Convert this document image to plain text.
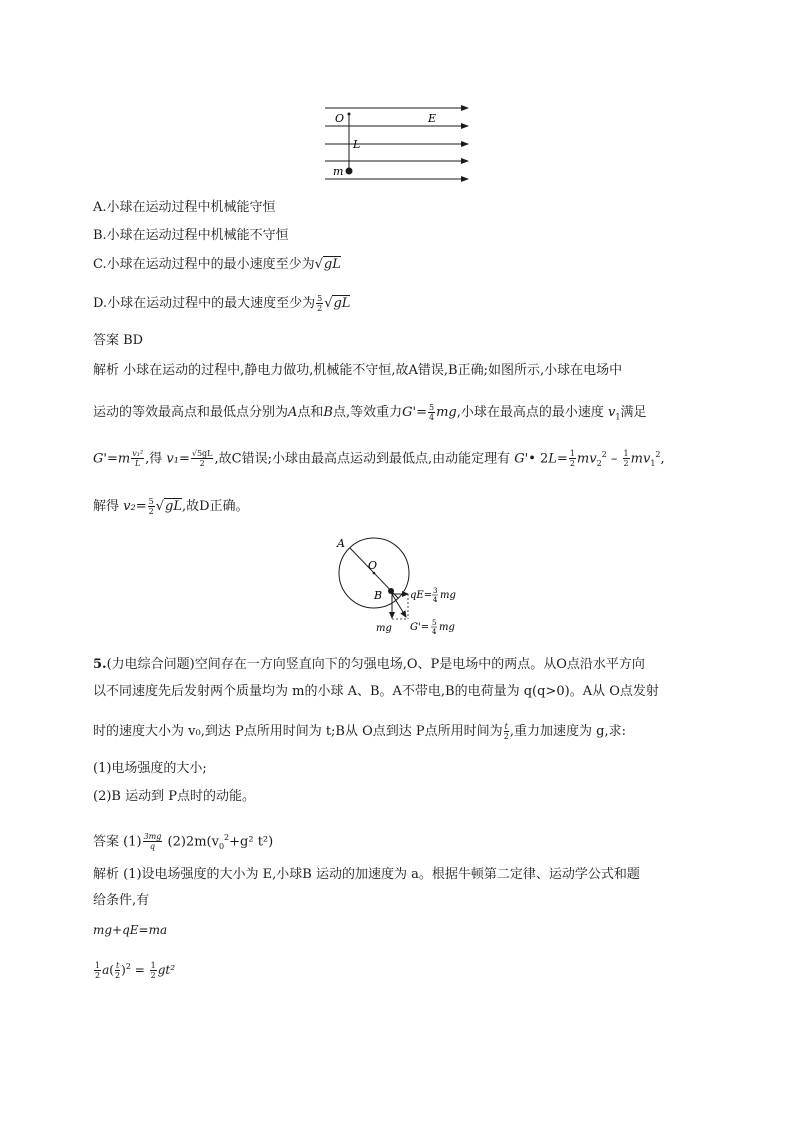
O	E
L
m
A.小球在运动过程中机械能守恒
B.小球在运动过程中机械能不守恒
C.小球在运动过程中的最小速度至少为√gL
D.小球在运动过程中的最大速度至少为 $\frac{5}{2} √gL$
答案 BD
解析 小球在运动的过程中,静电力做功,机械能不守恒,故A错误,B正确;如图所示,小球在电场中
运动的等效最高点和最低点分别为A点和B点,等效重力$G'= \frac{5}{4}$ mg,小球在最高点的最小速度 $v_1$满足
$G'=m \frac{\text{v₁²}}{L}$ ,得 $v_1= \frac{√5gL}{2}$ ,故C错误;小球由最高点运动到最低点,由动能定理有 G'• $2L= \frac{1}{2} mv_2^2 - \frac{1}{2} mv_1^2$,
解得 $v_2= \frac{5}{2} √gL$,故D正确。
A
O
B	qE= 3
4 mg
mg G'= 5
4 mg
5.(力电综合问题)空间存在一方向竖直向下的匀强电场,O、P是电场中的两点。从O点沿水平方向
以不同速度先后发射两个质量均为 m的小球 A、B。A不带电,B的电荷量为 q(q>0)。A从 O点发射
时的速度大小为 v₀,到达 P点所用时间为 t;B从 O点到达 P点所用时间为 $\frac{t}{2}$ ,重力加速度为 g,求:
(1)电场强度的大小;
(2)B 运动到 P点时的动能。
答案 $(1) \frac{3mg}{q} (2)2m(v_0^2+g^2$ t²)
解析 (1)设电场强度的大小为 E,小球B 运动的加速度为 a。根据牛顿第二定律、运动学公式和题
给条件,有
mg+qE=ma
$\frac{1}{2} a( \frac{t}{2} )^2 = \frac{1}{2} gt^2$
